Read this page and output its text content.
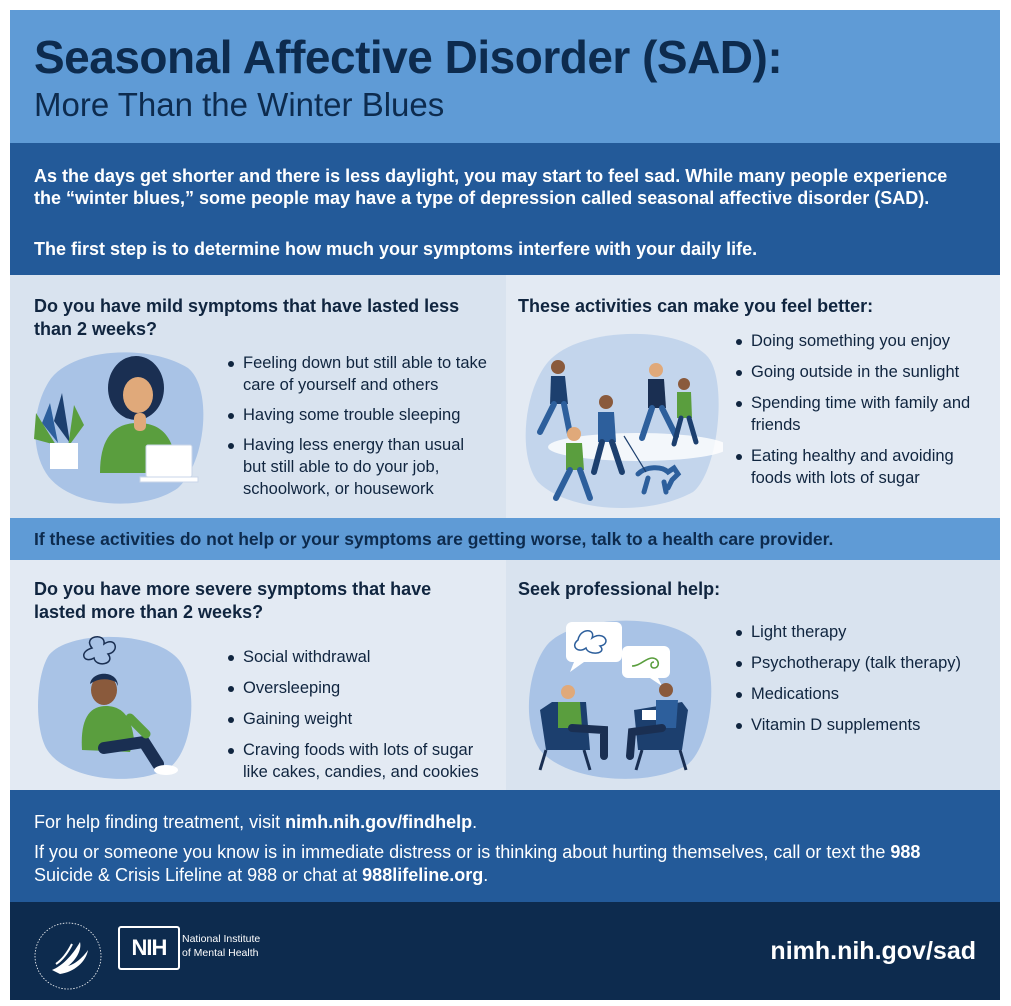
Seasonal Affective Disorder (SAD):
More Than the Winter Blues
As the days get shorter and there is less daylight, you may start to feel sad. While many people experience the “winter blues,” some people may have a type of depression called seasonal affective disorder (SAD).
The first step is to determine how much your symptoms interfere with your daily life.
Do you have mild symptoms that have lasted less than 2 weeks?
Feeling down but still able to take care of yourself and others
Having some trouble sleeping
Having less energy than usual but still able to do your job, schoolwork, or housework
These activities can make you feel better:
Doing something you enjoy
Going outside in the sunlight
Spending time with family and friends
Eating healthy and avoiding foods with lots of sugar
If these activities do not help or your symptoms are getting worse, talk to a health care provider.
Do you have more severe symptoms that have lasted more than 2 weeks?
Social withdrawal
Oversleeping
Gaining weight
Craving foods with lots of sugar like cakes, candies, and cookies
Seek professional help:
Light therapy
Psychotherapy (talk therapy)
Medications
Vitamin D supplements
For help finding treatment, visit nimh.nih.gov/findhelp.
If you or someone you know is in immediate distress or is thinking about hurting themselves, call or text the 988 Suicide & Crisis Lifeline at 988 or chat at 988lifeline.org.
NIH	National Institute
of Mental Health	nimh.nih.gov/sad
